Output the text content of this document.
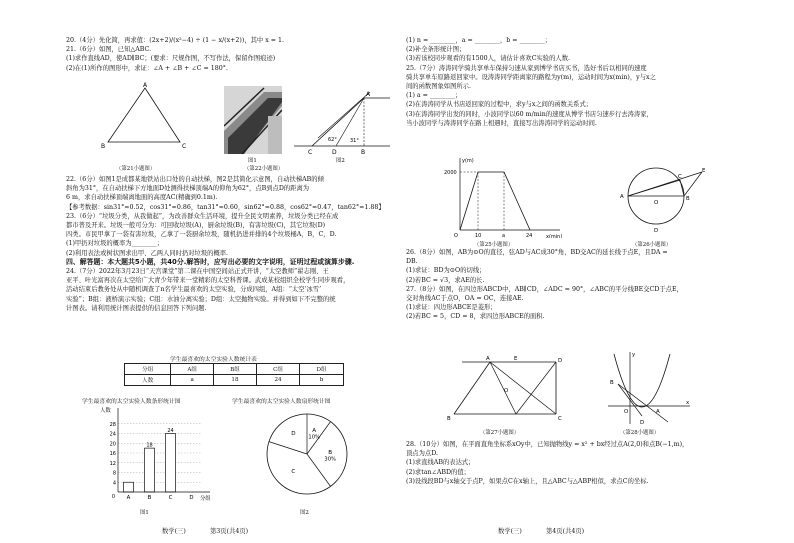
20.（4分）先化简，再求值：(2x+2)/(x²−4) ÷ (1 − x/(x+2))，其中 x = 1.

21.（6分）如图，已知△ABC.

(1)求作直线AD，使AD∥BC；(要求：尺规作图，不写作法，保留作图痕迹)

(2)在(1)所作的图形中，求证：∠A + ∠B + ∠C = 180°.

A
B	C
（第21小题图）
图1
A
C	D	B
62°	31°
图2
（第22小题图）

22.（6分）如图1是成都某地铁站出口处的自动扶梯，图2是其简化示意图，自动扶梯AB的倾

斜角为31°，在自动扶梯下方地面D处测得扶梯顶端A的仰角为62°，点B到点D的距离为

6 m，求自动扶梯顶端离地面的高度AC(精确到0.1m).

【参考数据：sin31°≈0.52，cos31°≈0.86，tan31°≈0.60，sin62°≈0.88，cos62°≈0.47，tan62°≈1.88】

23.（6分）“垃圾分类，从我做起”，为改善群众生活环境，提升全民文明素养，垃圾分类已经在成

都市普及开来。垃圾一般可分为：可回收垃圾(A)，厨余垃圾(B)，有害垃圾(C)，其它垃圾(D)

四类。市民甲拿了一袋有害垃圾，乙拿了一袋厨余垃圾，随机扔进并排的4个垃圾桶A，B，C，D.

(1)甲扔对垃圾的概率为________；

(2)利用表法或树状图求出甲、乙两人同时扔对垃圾的概率.

四、解答题：本大题共5小题，共40分.解答时，应写出必要的文字说明，证明过程或演算步骤.

24.（7分）2022年3月23日“天宫课堂”第二课在中国空间站正式开讲，“太空教师”翟志刚、王

亚平、叶光富再次在太空给广大青少年带来一堂精彩的太空科普课。武成某校组织全校学生同步观看，

活动结束后教务处从中随机调查了n名学生最喜欢的太空实验，分成四组，A组：“太空‘冰雪’

实验”；B组：液桥演示实验；C组：水油分离实验；D组：太空抛物实验。并得到如下不完整的统

计图表。请利用统计图表提供的信息回答下列问题.

学生最喜欢的太空实验人数统计表
分组	A组	B组	C组	D组
人数	a	18	24	b
学生最喜欢的太空实验人数条形统计图	学生最喜欢的太空实验人数扇形统计图
人数
分组
18
24
4
8
12
16
20
24
28
0 A	B	C	D
图1
A
10%
B
30%
C
D
图2
数学(三)	第3页(共4页)

(1) n = ________，a = ________，b = ________；

(2)补全条形统计图；

(3)若该校同步观看的有1500人，请估计喜欢C实验的人数.

25.（7分）涛涛同学骑共享单车保持匀速从家到博学书店买书，选好书后以相同的速度

骑共享单车原路返回家中。设涛涛同学距离家的路程为y(m)，运动时间为x(min)，y与x之

间的函数图象如图所示.

(1) a = ________；

(2)在涛涛同学从书店返回家的过程中，求y与x之间的函数关系式；

(3)在涛涛同学出发的同时，小波同学以60 m/min的速度从博学书店匀速步行去涛涛家，

当小波同学与涛涛同学在路上相遇时，直接写出涛涛同学的运动时间.

y(m)
x(min)
2000
O	10	a	24
（第25小题图）
A	B
C
D
E
O
（第26小题图）

26.（8分）如图，AB为⊙O的直径，弦AD与AC成30°角，BD交AC的延长线于点E，且DA =

DB.

(1)求证：BD为⊙O的切线；

(2)若BC = √3，求AE的长.

27.（8分）如图，在四边形ABCD中，AB∥CD，∠ADC = 90°，∠ABC的平分线BE交CD于点E，

交对角线AC于点O，OA = OC，连接AE.

(1)求证：四边形ABCE是菱形；

(2)若BC = 5，CD = 8，求四边形ABCE的面积.

A
B	C
D
E
O
（第27小题图）
y
x
O	A
B
D
（第28小题图）

28.（10分）如图，在平面直角坐标系xOy中，已知抛物线y = x² + bx经过点A(2,0)和点B(−1,m)，

顶点为点D.

(1)求直线AB的表达式；

(2)求tan∠ABD的值；

(3)设线段BD与x轴交于点P，如果点C在x轴上，且△ABC与△ABP相似，求点C的坐标.

数学(三)	第4页(共4页)
